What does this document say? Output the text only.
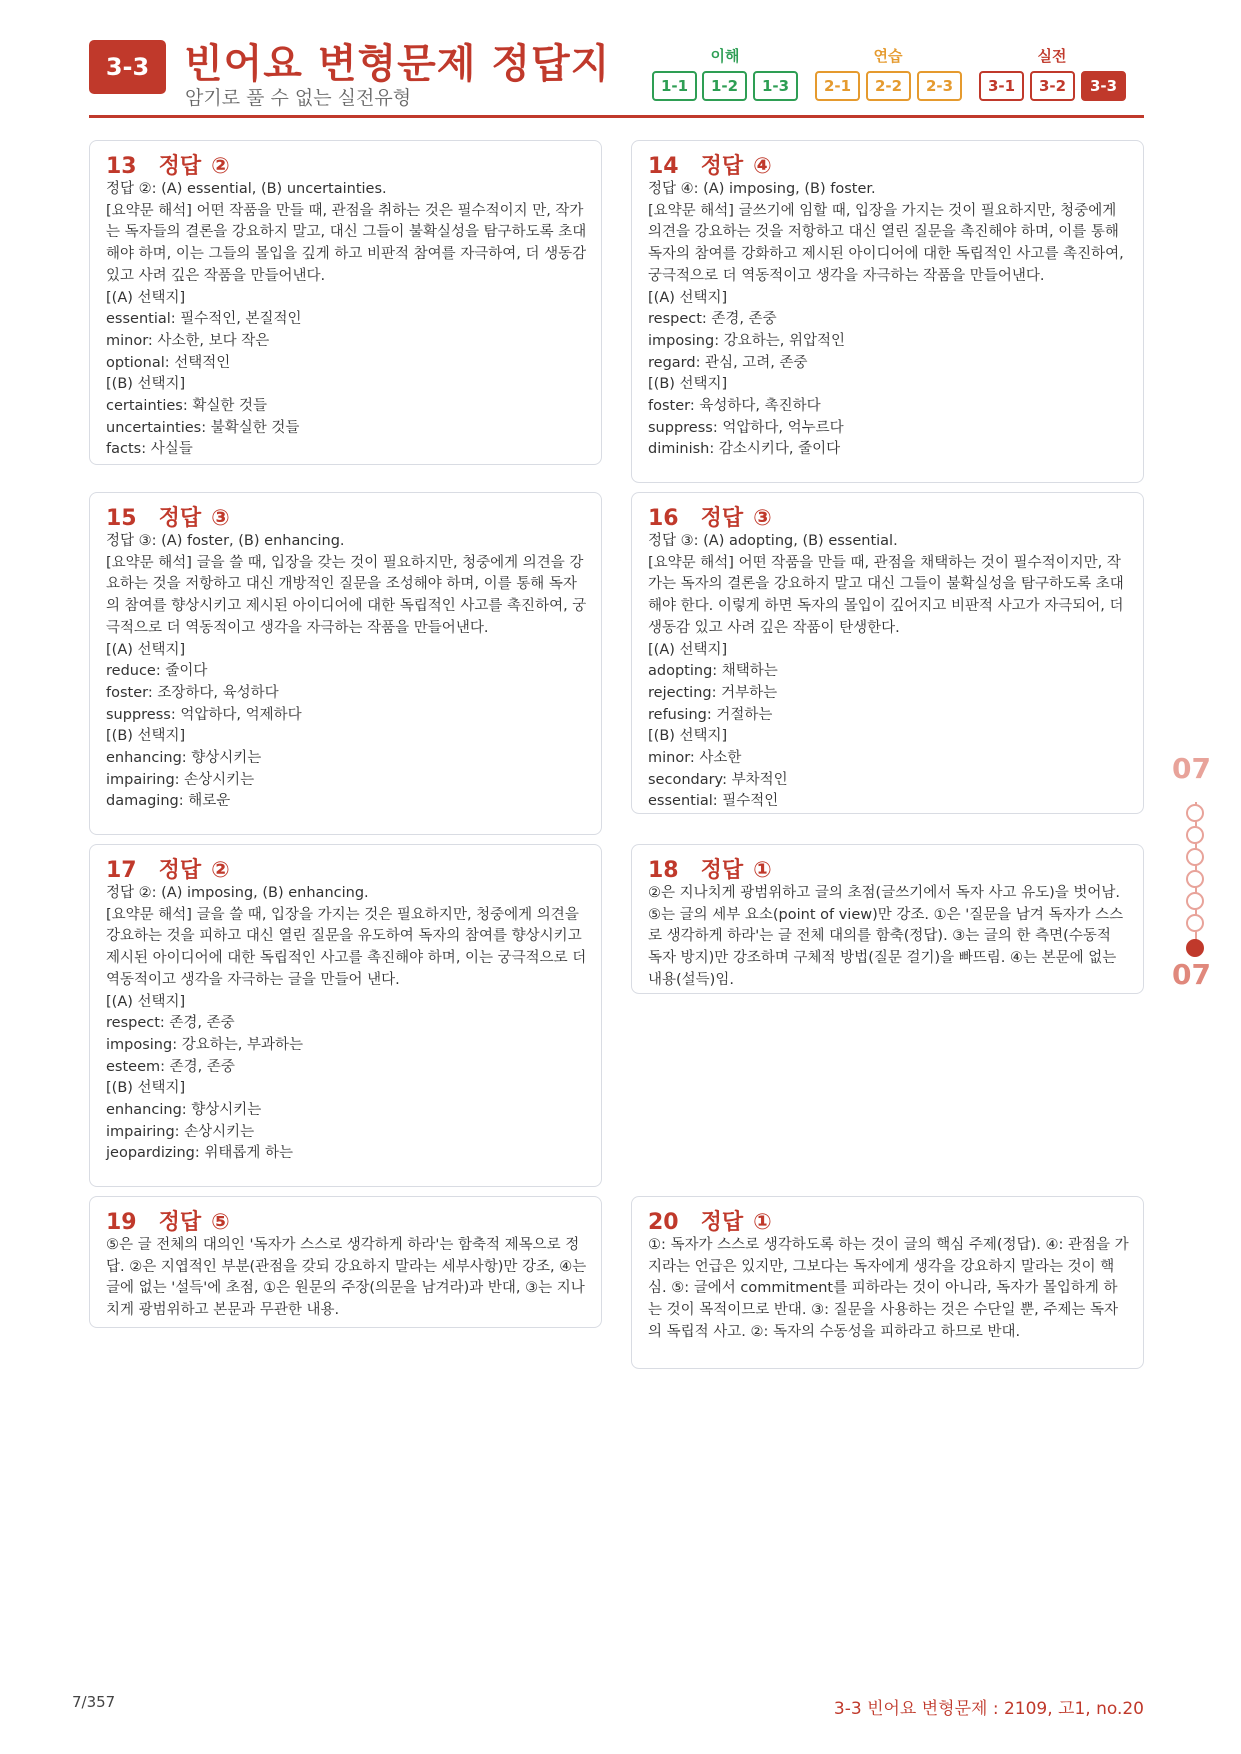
3-3 빈어요 변형문제 정답지
암기로 풀 수 없는 실전유형
이해
1-1	1-2	1-3
연습
2-1	2-2	2-3
실전
3-1	3-2	3-3
13 정답 ②

정답 ②: (A) essential, (B) uncertainties.

[요약문 해석] 어떤 작품을 만들 때, 관점을 취하는 것은 필수적이지 만, 작가는 독자들의 결론을 강요하지 말고, 대신 그들이 불확실성을 탐구하도록 초대해야 하며, 이는 그들의 몰입을 깊게 하고 비판적 참여를 자극하여, 더 생동감 있고 사려 깊은 작품을 만들어낸다.

[(A) 선택지]

essential: 필수적인, 본질적인

minor: 사소한, 보다 작은

optional: 선택적인

[(B) 선택지]

certainties: 확실한 것들

uncertainties: 불확실한 것들

facts: 사실들

14 정답 ④

정답 ④: (A) imposing, (B) foster.

[요약문 해석] 글쓰기에 임할 때, 입장을 가지는 것이 필요하지만, 청중에게 의견을 강요하는 것을 저항하고 대신 열린 질문을 촉진해야 하며, 이를 통해 독자의 참여를 강화하고 제시된 아이디어에 대한 독립적인 사고를 촉진하여, 궁극적으로 더 역동적이고 생각을 자극하는 작품을 만들어낸다.

[(A) 선택지]

respect: 존경, 존중

imposing: 강요하는, 위압적인

regard: 관심, 고려, 존중

[(B) 선택지]

foster: 육성하다, 촉진하다

suppress: 억압하다, 억누르다

diminish: 감소시키다, 줄이다

15 정답 ③

정답 ③: (A) foster, (B) enhancing.

[요약문 해석] 글을 쓸 때, 입장을 갖는 것이 필요하지만, 청중에게 의견을 강요하는 것을 저항하고 대신 개방적인 질문을 조성해야 하며, 이를 통해 독자의 참여를 향상시키고 제시된 아이디어에 대한 독립적인 사고를 촉진하여, 궁극적으로 더 역동적이고 생각을 자극하는 작품을 만들어낸다.

[(A) 선택지]

reduce: 줄이다

foster: 조장하다, 육성하다

suppress: 억압하다, 억제하다

[(B) 선택지]

enhancing: 향상시키는

impairing: 손상시키는

damaging: 해로운

16 정답 ③

정답 ③: (A) adopting, (B) essential.

[요약문 해석] 어떤 작품을 만들 때, 관점을 채택하는 것이 필수적이지만, 작가는 독자의 결론을 강요하지 말고 대신 그들이 불확실성을 탐구하도록 초대해야 한다. 이렇게 하면 독자의 몰입이 깊어지고 비판적 사고가 자극되어, 더 생동감 있고 사려 깊은 작품이 탄생한다.

[(A) 선택지]

adopting: 채택하는

rejecting: 거부하는

refusing: 거절하는

[(B) 선택지]

minor: 사소한

secondary: 부차적인

essential: 필수적인

17 정답 ②

정답 ②: (A) imposing, (B) enhancing.

[요약문 해석] 글을 쓸 때, 입장을 가지는 것은 필요하지만, 청중에게 의견을 강요하는 것을 피하고 대신 열린 질문을 유도하여 독자의 참여를 향상시키고 제시된 아이디어에 대한 독립적인 사고를 촉진해야 하며, 이는 궁극적으로 더 역동적이고 생각을 자극하는 글을 만들어 낸다.

[(A) 선택지]

respect: 존경, 존중

imposing: 강요하는, 부과하는

esteem: 존경, 존중

[(B) 선택지]

enhancing: 향상시키는

impairing: 손상시키는

jeopardizing: 위태롭게 하는

18 정답 ①

②은 지나치게 광범위하고 글의 초점(글쓰기에서 독자 사고 유도)을 벗어남. ⑤는 글의 세부 요소(point of view)만 강조. ①은 '질문을 남겨 독자가 스스로 생각하게 하라'는 글 전체 대의를 함축(정답). ③는 글의 한 측면(수동적 독자 방지)만 강조하며 구체적 방법(질문 걸기)을 빠뜨림. ④는 본문에 없는 내용(설득)임.

19 정답 ⑤

⑤은 글 전체의 대의인 '독자가 스스로 생각하게 하라'는 함축적 제목으로 정답. ②은 지엽적인 부분(관점을 갖되 강요하지 말라는 세부사항)만 강조, ④는 글에 없는 '설득'에 초점, ①은 원문의 주장(의문을 남겨라)과 반대, ③는 지나치게 광범위하고 본문과 무관한 내용.

20 정답 ①

①: 독자가 스스로 생각하도록 하는 것이 글의 핵심 주제(정답). ④: 관점을 가지라는 언급은 있지만, 그보다는 독자에게 생각을 강요하지 말라는 것이 핵심. ⑤: 글에서 commitment를 피하라는 것이 아니라, 독자가 몰입하게 하는 것이 목적이므로 반대. ③: 질문을 사용하는 것은 수단일 뿐, 주제는 독자의 독립적 사고. ②: 독자의 수동성을 피하라고 하므로 반대.

07
07
7/357	3-3 빈어요 변형문제 : 2109, 고1, no.20
